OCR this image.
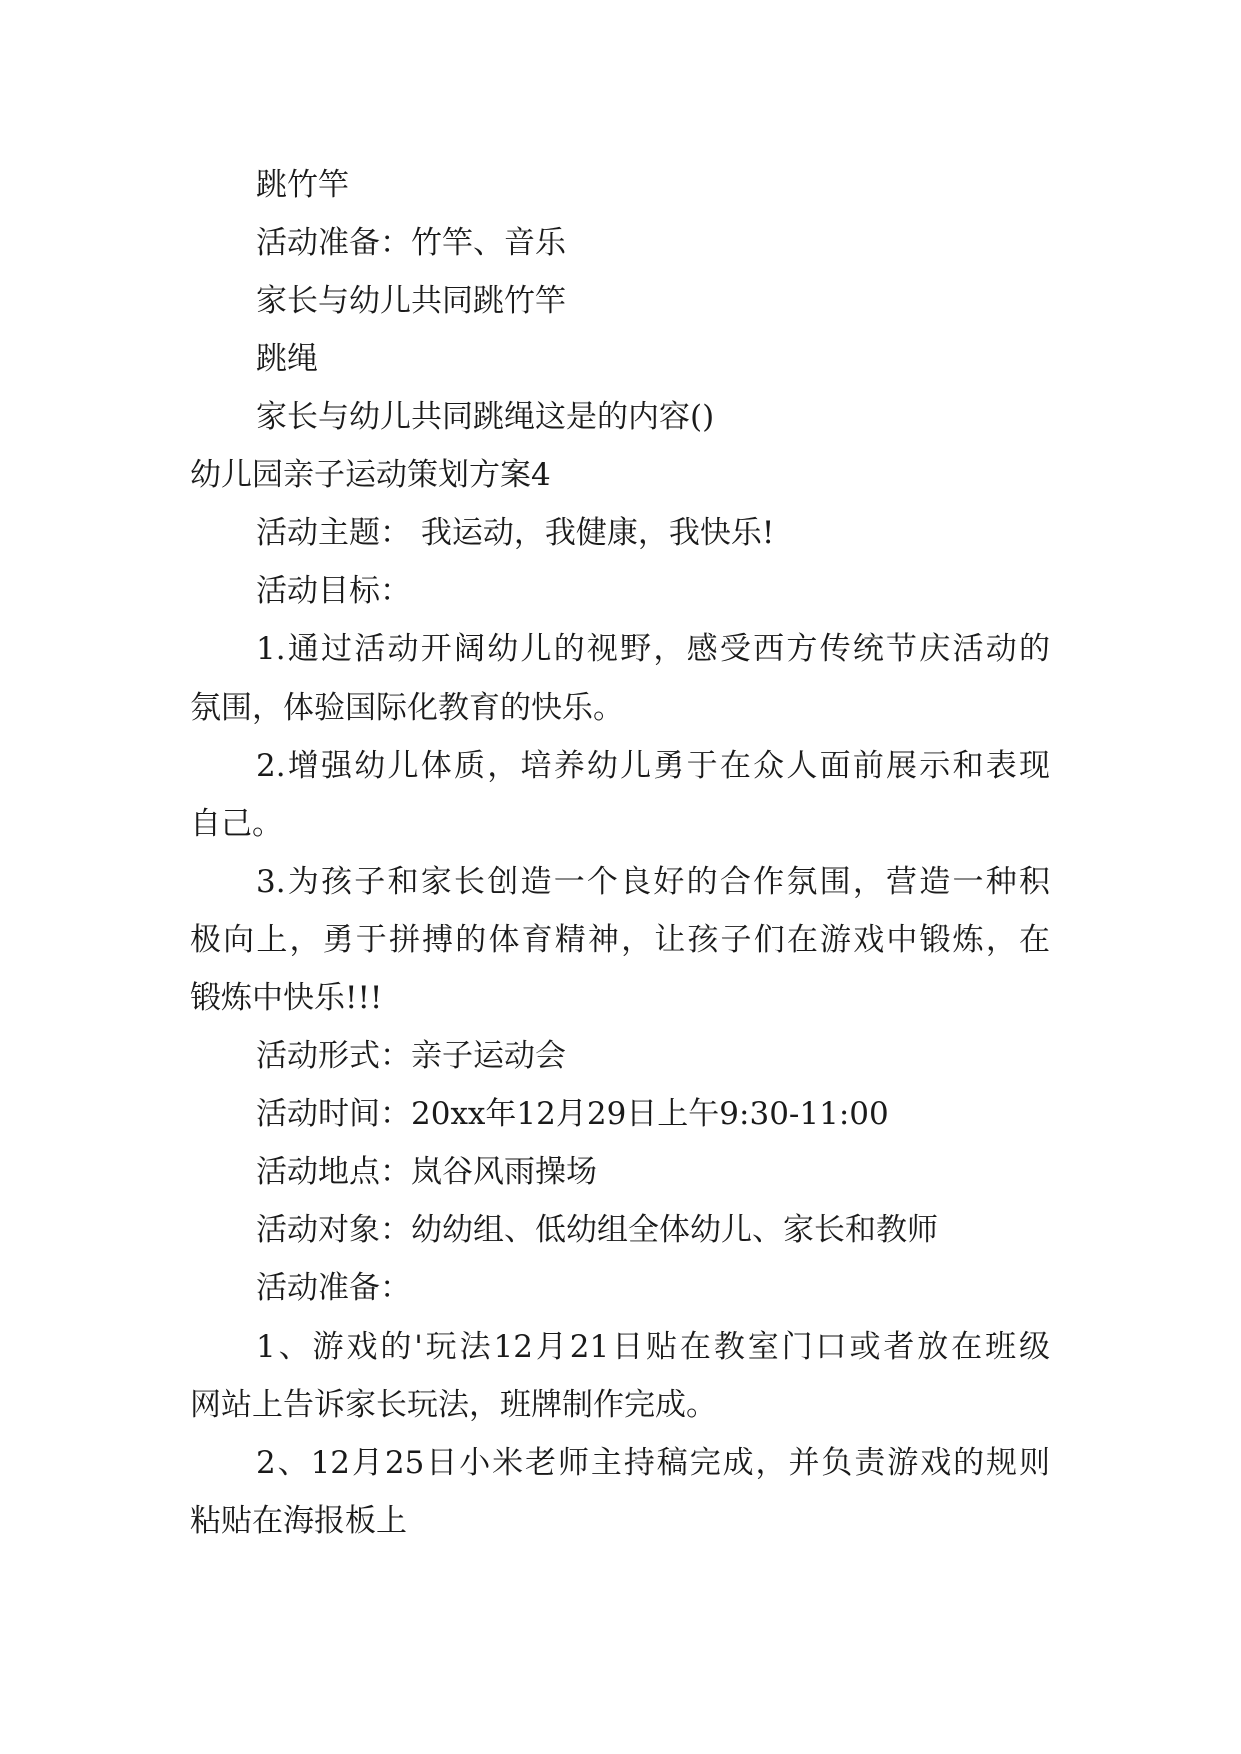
跳竹竿

活动准备：竹竿、音乐

家长与幼儿共同跳竹竿

跳绳

家长与幼儿共同跳绳这是的内容()

幼儿园亲子运动策划方案4

活动主题： 我运动，我健康，我快乐!

活动目标：

1.通过活动开阔幼儿的视野，感受西方传统节庆活动的

氛围，体验国际化教育的快乐。

2.增强幼儿体质，培养幼儿勇于在众人面前展示和表现

自己。

3.为孩子和家长创造一个良好的合作氛围，营造一种积

极向上，勇于拼搏的体育精神，让孩子们在游戏中锻炼，在

锻炼中快乐!!!

活动形式：亲子运动会

活动时间：20xx年12月29日上午9:30-11:00

活动地点：岚谷风雨操场

活动对象：幼幼组、低幼组全体幼儿、家长和教师

活动准备：

1、游戏的'玩法12月21日贴在教室门口或者放在班级

网站上告诉家长玩法，班牌制作完成。

2、12月25日小米老师主持稿完成，并负责游戏的规则

粘贴在海报板上
